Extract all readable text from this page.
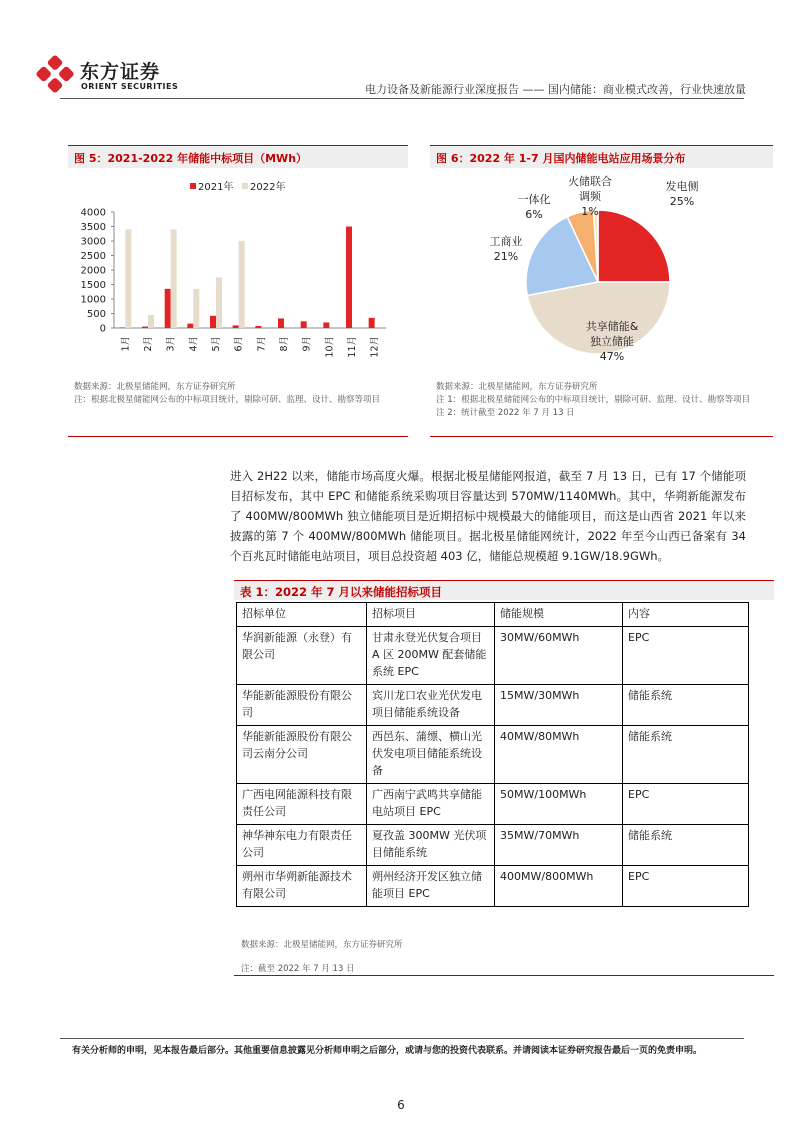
东方证券
ORIENT SECURITIES	电力设备及新能源行业深度报告 —— 国内储能：商业模式改善，行业快速放量
图 5：2021-2022 年储能中标项目（MWh）
2021年 2022年
0
500
1000
1500
2000
2500
3000
3500
4000
1月 2月 3月 4月 5月 6月 7月 8月 9月 10月 11月 12月
数据来源：北极星储能网，东方证券研究所
注：根据北极星储能网公布的中标项目统计，剔除可研、监理、设计、勘察等项目
图 6：2022 年 1-7 月国内储能电站应用场景分布
发电侧
25%
共享储能&
独立储能
47%
工商业
21%
一体化
6%
火储联合
调频
1%
数据来源：北极星储能网，东方证券研究所
注 1：根据北极星储能网公布的中标项目统计，剔除可研、监理、设计、勘察等项目
注 2：统计截至 2022 年 7 月 13 日

进入 2H22 以来，储能市场高度火爆。根据北极星储能网报道，截至 7 月 13 日，已有 17 个储能项目招标发布，其中 EPC 和储能系统采购项目容量达到 570MW/1140MWh。其中，华朔新能源发布了 400MW/800MWh 独立储能项目是近期招标中规模最大的储能项目，而这是山西省 2021 年以来披露的第 7 个 400MW/800MWh 储能项目。据北极星储能网统计，2022 年至今山西已备案有 34 个百兆瓦时储能电站项目，项目总投资超 403 亿，储能总规模超 9.1GW/18.9GWh。

表 1：2022 年 7 月以来储能招标项目
招标单位	招标项目	储能规模	内容
华润新能源（永登）有限公司	甘肃永登光伏复合项目 A 区 200MW 配套储能系统 EPC	30MW/60MWh	EPC
华能新能源股份有限公司	宾川龙口农业光伏发电项目储能系统设备	15MW/30MWh	储能系统
华能新能源股份有限公司云南分公司	西邑东、蒲缥、横山光伏发电项目储能系统设备	40MW/80MWh	储能系统
广西电网能源科技有限责任公司	广西南宁武鸣共享储能电站项目 EPC	50MW/100MWh	EPC
神华神东电力有限责任公司	夏孜盖 300MW 光伏项目储能系统	35MW/70MWh	储能系统
朔州市华朔新能源技术有限公司	朔州经济开发区独立储能项目 EPC	400MW/800MWh	EPC
数据来源：北极星储能网，东方证券研究所
注：截至 2022 年 7 月 13 日
有关分析师的申明，见本报告最后部分。其他重要信息披露见分析师申明之后部分，或请与您的投资代表联系。并请阅读本证券研究报告最后一页的免责申明。
6
